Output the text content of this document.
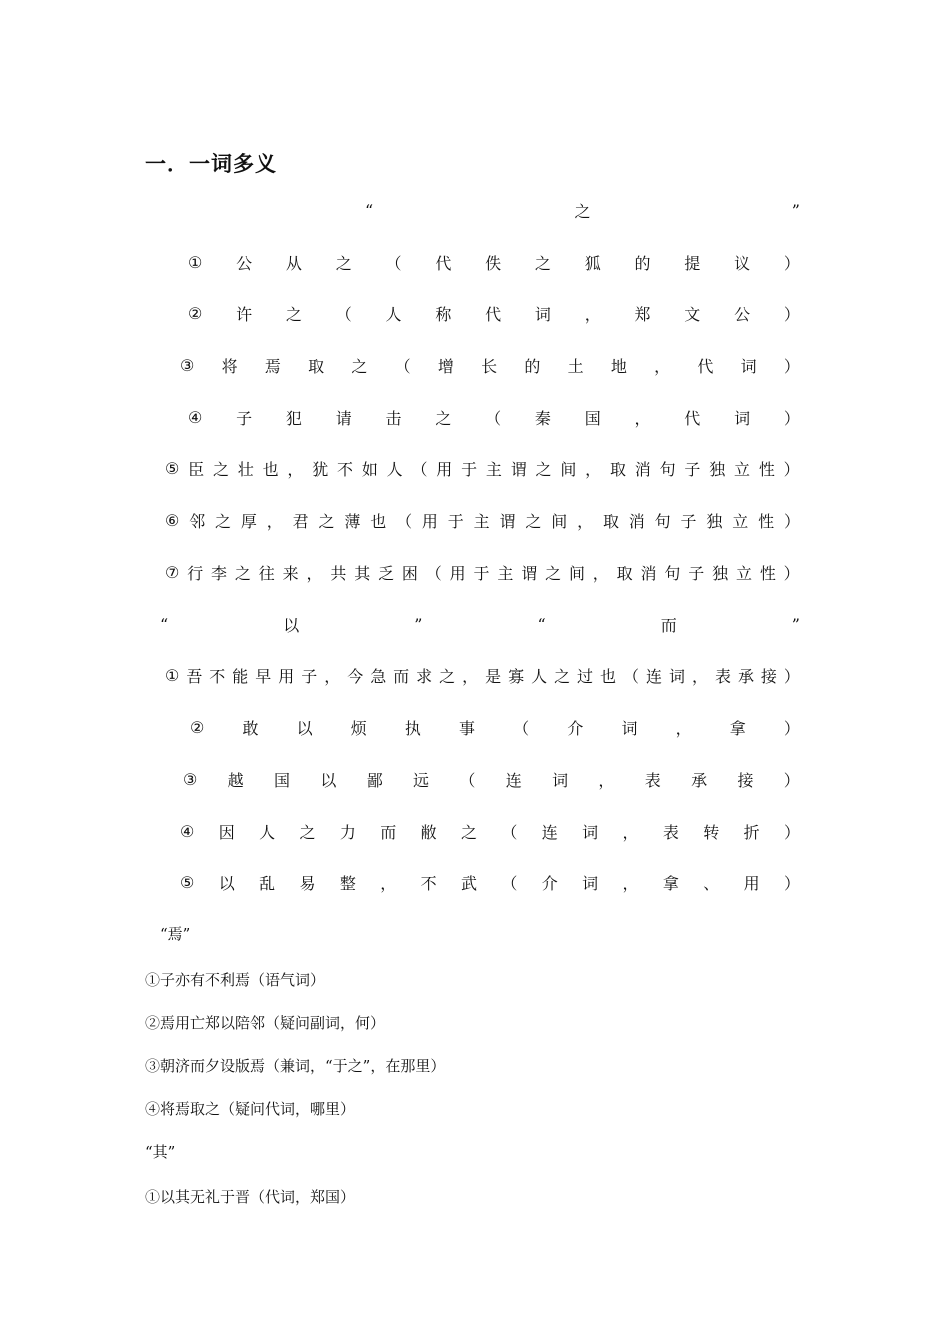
一．一词多义
“	之	”
① 公 从 之 （ 代 佚 之 狐 的 提 议 ）
② 许 之 （ 人 称 代 词 ， 郑 文 公 ）
③ 将 焉 取 之 （ 增 长 的 土 地 ， 代 词 ）
④ 子 犯 请 击 之 （ 秦 国 ， 代 词 ）
⑤ 臣 之 壮 也 ， 犹 不 如 人 （ 用 于 主 谓 之 间 ， 取 消 句 子 独 立 性 ）
⑥ 邻 之 厚 ， 君 之 薄 也 （ 用 于 主 谓 之 间 ， 取 消 句 子 独 立 性 ）
⑦ 行 李 之 往 来 ， 共 其 乏 困 （ 用 于 主 谓 之 间 ， 取 消 句 子 独 立 性 ）
“	以	”	“	而	”
① 吾 不 能 早 用 子 ， 今 急 而 求 之 ， 是 寡 人 之 过 也 （ 连 词 ， 表 承 接 ）
② 敢 以 烦 执 事 （ 介 词 ， 拿 ）
③ 越 国 以 鄙 远 （ 连 词 ， 表 承 接 ）
④ 因 人 之 力 而 敝 之 （ 连 词 ， 表 转 折 ）
⑤ 以 乱 易 整 ， 不 武 （ 介 词 ， 拿 、 用 ）
“焉”
①子亦有不利焉（语气词）
②焉用亡郑以陪邻（疑问副词，何）
③朝济而夕设版焉（兼词，“于之”，在那里）
④将焉取之（疑问代词，哪里）
“其”
①以其无礼于晋（代词，郑国）
